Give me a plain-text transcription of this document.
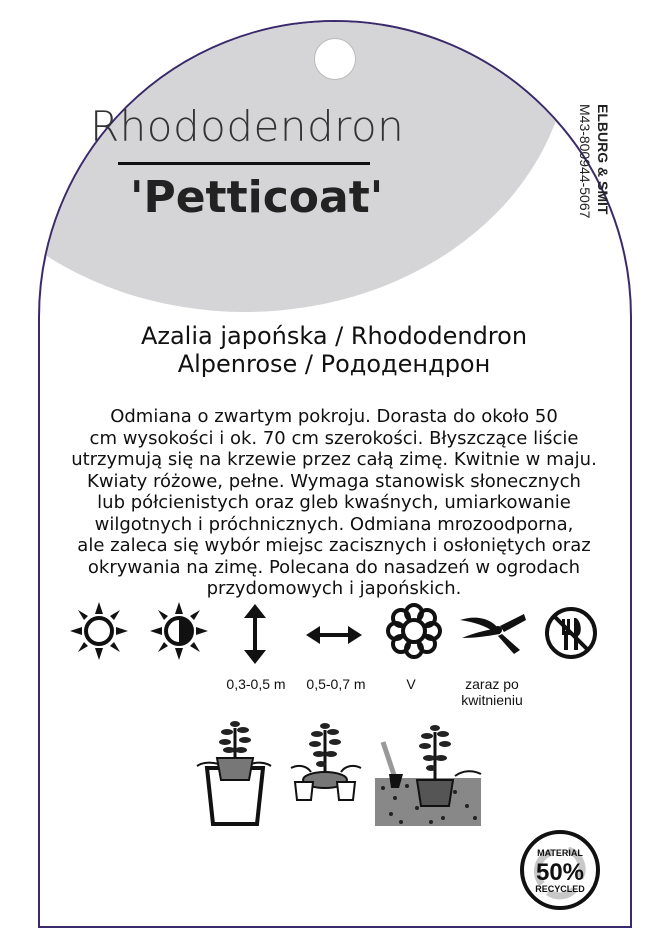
Rhododendron
'Petticoat'	ELBURG & SMIT
M43-800944-5067
Azalia japońska / Rhododendron
Alpenrose / Рододендрон

Odmiana o zwartym pokroju. Dorasta do około 50

cm wysokości i ok. 70 cm szerokości. Błyszczące liście

utrzymują się na krzewie przez całą zimę. Kwitnie w maju.

Kwiaty różowe, pełne. Wymaga stanowisk słonecznych

lub półcienistych oraz gleb kwaśnych, umiarkowanie

wilgotnych i próchnicznych. Odmiana mrozoodporna,

ale zaleca się wybór miejsc zacisznych i osłoniętych oraz

okrywania na zimę. Polecana do nasadzeń w ogrodach

przydomowych i japońskich.

0,3-0,5 m	0,5-0,7 m	V	zaraz po
kwitnieniu
MATERIAL
50%
RECYCLED
